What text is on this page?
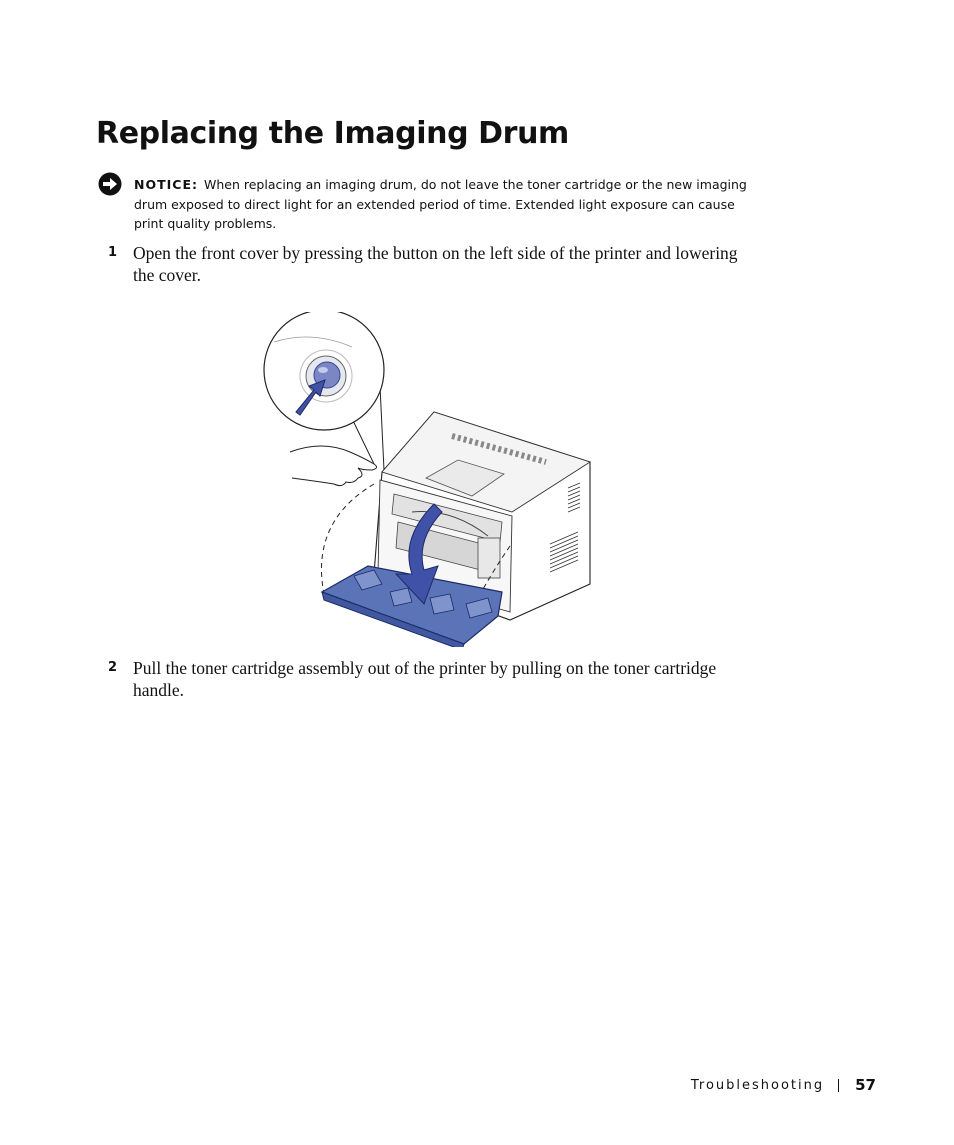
Replacing the Imaging Drum
NOTICE: When replacing an imaging drum, do not leave the toner cartridge or the new imaging drum exposed to direct light for an extended period of time. Extended light exposure can cause print quality problems.
1 Open the front cover by pressing the button on the left side of the printer and lowering the cover.
2 Pull the toner cartridge assembly out of the printer by pulling on the toner cartridge handle.
Troubleshooting 57
